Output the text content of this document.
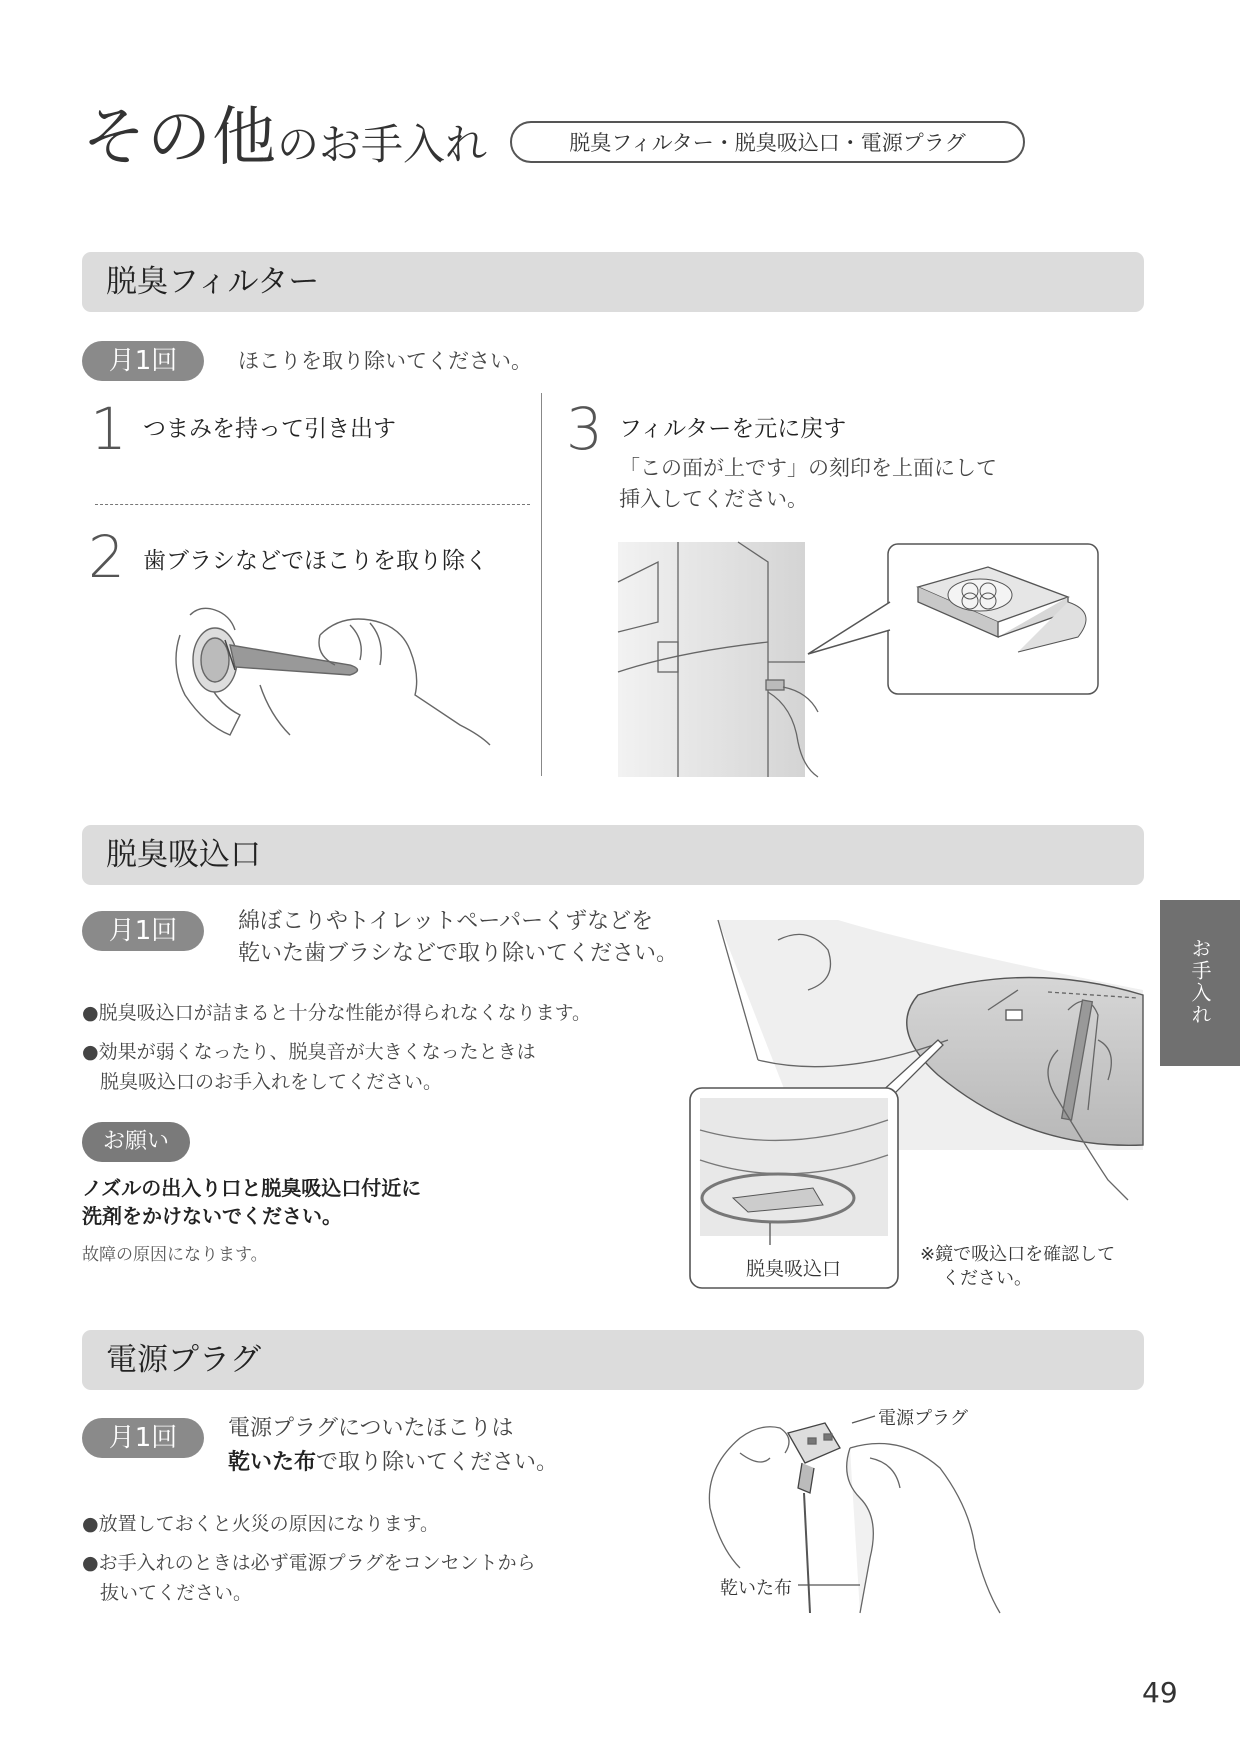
その他 のお手入れ	脱臭フィルター・脱臭吸込口・電源プラグ
お手入れ
脱臭フィルター
月1回	ほこりを取り除いてください。
1 つまみを持って引き出す
2 歯ブラシなどでほこりを取り除く
3 フィルターを元に戻す
「この面が上です」の刻印を上面にして
挿入してください。
脱臭吸込口
月1回	綿ぼこりやトイレットペーパーくずなどを
乾いた歯ブラシなどで取り除いてください。
●脱臭吸込口が詰まると十分な性能が得られなくなります。
●効果が弱くなったり、脱臭音が大きくなったときは
脱臭吸込口のお手入れをしてください。
お願い
ノズルの出入り口と脱臭吸込口付近に
洗剤をかけないでください。
故障の原因になります。
脱臭吸込口
※鏡で吸込口を確認して
ください。
電源プラグ
月1回	電源プラグについたほこりは
乾いた布で取り除いてください。
●放置しておくと火災の原因になります。
●お手入れのときは必ず電源プラグをコンセントから
抜いてください。
電源プラグ
乾いた布
49
